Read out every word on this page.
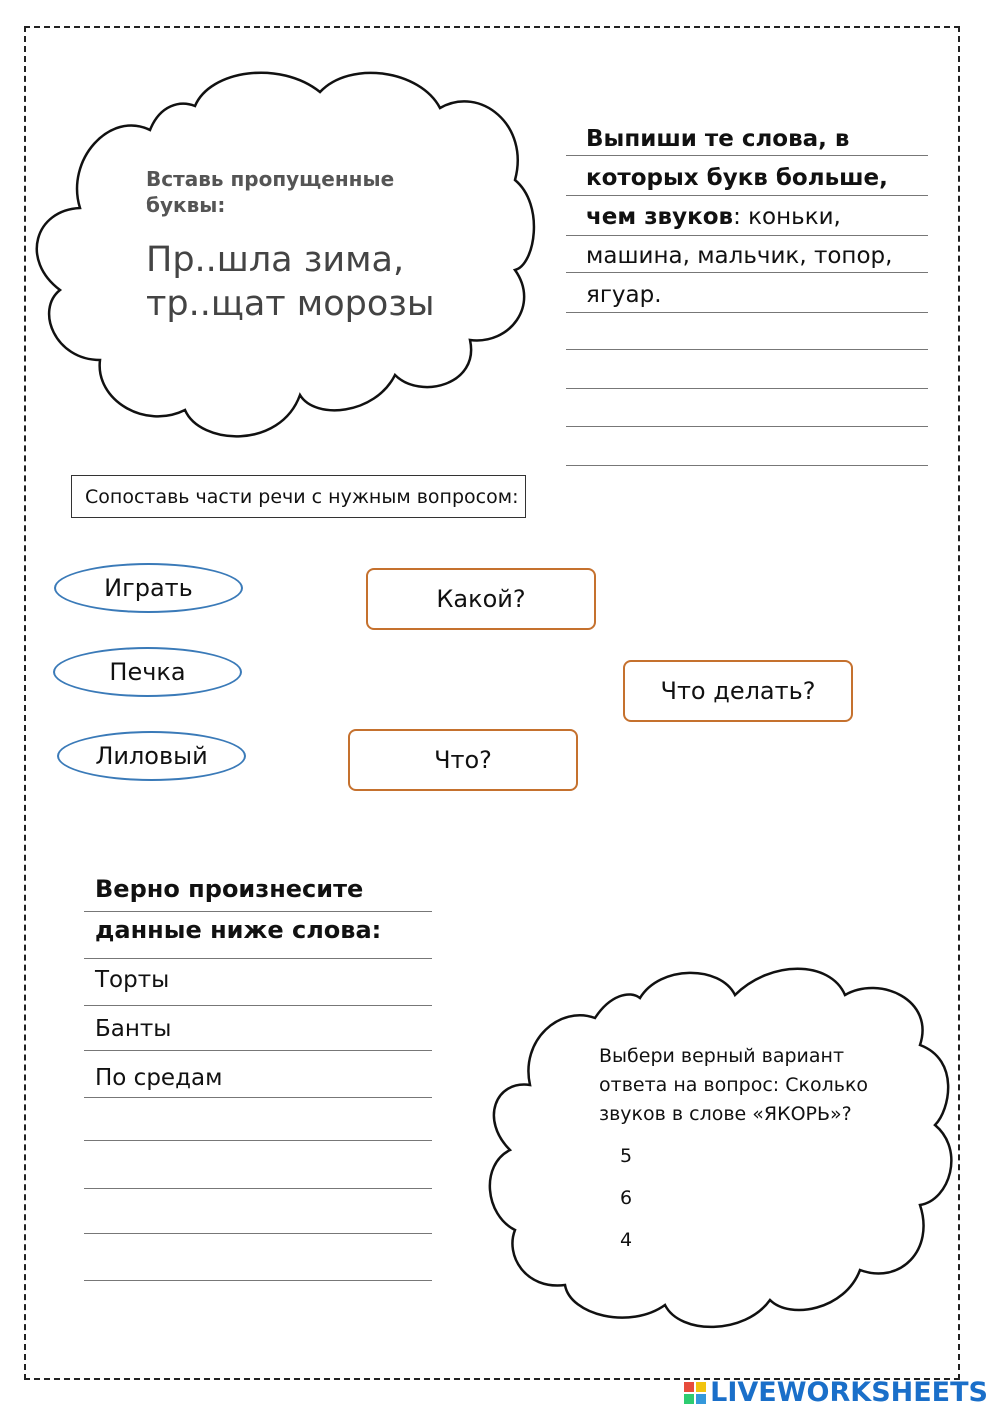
Вставь пропущенные буквы:
Пр..шла зима,
тр..щат морозы
Выпиши те слова, в которых букв больше, чем звуков: коньки, машина, мальчик, топор, ягуар.
Сопоставь части речи с нужным вопросом:
Играть
Печка
Лиловый
Какой?
Что делать?
Что?
Верно произнесите
данные ниже слова:
Торты
Банты
По средам
Выбери верный вариант ответа на вопрос: Сколько звуков в слове «ЯКОРЬ»?
5
6
4
LIVEWORKSHEETS
